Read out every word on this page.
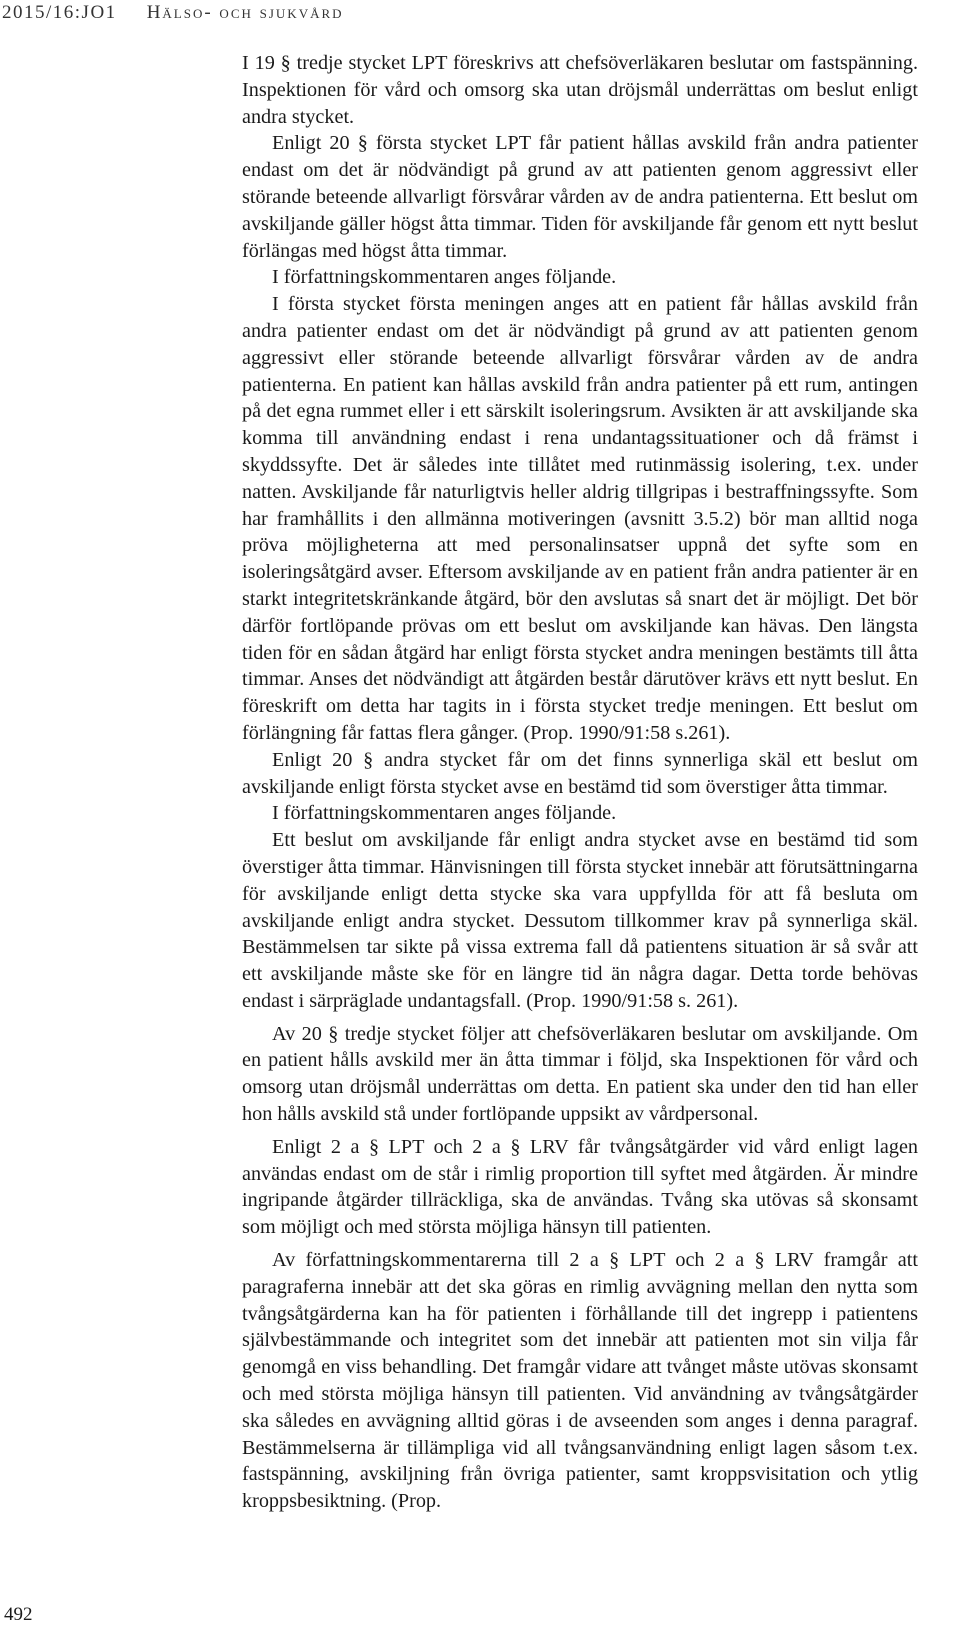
2015/16:JO1 Hälso- och sjukvård

I 19 § tredje stycket LPT föreskrivs att chefsöverläkaren beslutar om fastspänning. Inspektionen för vård och omsorg ska utan dröjsmål underrättas om beslut enligt andra stycket.

Enligt 20 § första stycket LPT får patient hållas avskild från andra patienter endast om det är nödvändigt på grund av att patienten genom aggressivt eller störande beteende allvarligt försvårar vården av de andra patienterna. Ett beslut om avskiljande gäller högst åtta timmar. Tiden för avskiljande får genom ett nytt beslut förlängas med högst åtta timmar.

I författningskommentaren anges följande.

I första stycket första meningen anges att en patient får hållas avskild från andra patienter endast om det är nödvändigt på grund av att patienten genom aggressivt eller störande beteende allvarligt försvårar vården av de andra patienterna. En patient kan hållas avskild från andra patienter på ett rum, antingen på det egna rummet eller i ett särskilt isoleringsrum. Avsikten är att avskiljande ska komma till användning endast i rena undantagssituationer och då främst i skyddssyfte. Det är således inte tillåtet med rutinmässig isolering, t.ex. under natten. Avskiljande får naturligtvis heller aldrig tillgripas i bestraffningssyfte. Som har framhållits i den allmänna motiveringen (avsnitt 3.5.2) bör man alltid noga pröva möjligheterna att med personalinsatser uppnå det syfte som en isoleringsåtgärd avser. Eftersom avskiljande av en patient från andra patienter är en starkt integritetskränkande åtgärd, bör den avslutas så snart det är möjligt. Det bör därför fortlöpande prövas om ett beslut om avskiljande kan hävas. Den längsta tiden för en sådan åtgärd har enligt första stycket andra meningen bestämts till åtta timmar. Anses det nödvändigt att åtgärden består därutöver krävs ett nytt beslut. En föreskrift om detta har tagits in i första stycket tredje meningen. Ett beslut om förlängning får fattas flera gånger. (Prop. 1990/91:58 s.261).

Enligt 20 § andra stycket får om det finns synnerliga skäl ett beslut om avskiljande enligt första stycket avse en bestämd tid som överstiger åtta timmar.

I författningskommentaren anges följande.

Ett beslut om avskiljande får enligt andra stycket avse en bestämd tid som överstiger åtta timmar. Hänvisningen till första stycket innebär att förutsättningarna för avskiljande enligt detta stycke ska vara uppfyllda för att få besluta om avskiljande enligt andra stycket. Dessutom tillkommer krav på synnerliga skäl. Bestämmelsen tar sikte på vissa extrema fall då patientens situation är så svår att ett avskiljande måste ske för en längre tid än några dagar. Detta torde behövas endast i särpräglade undantagsfall. (Prop. 1990/91:58 s. 261).

Av 20 § tredje stycket följer att chefsöverläkaren beslutar om avskiljande. Om en patient hålls avskild mer än åtta timmar i följd, ska Inspektionen för vård och omsorg utan dröjsmål underrättas om detta. En patient ska under den tid han eller hon hålls avskild stå under fortlöpande uppsikt av vårdpersonal.

Enligt 2 a § LPT och 2 a § LRV får tvångsåtgärder vid vård enligt lagen användas endast om de står i rimlig proportion till syftet med åtgärden. Är mindre ingripande åtgärder tillräckliga, ska de användas. Tvång ska utövas så skonsamt som möjligt och med största möjliga hänsyn till patienten.

Av författningskommentarerna till 2 a § LPT och 2 a § LRV framgår att paragraferna innebär att det ska göras en rimlig avvägning mellan den nytta som tvångsåtgärderna kan ha för patienten i förhållande till det ingrepp i patientens självbestämmande och integritet som det innebär att patienten mot sin vilja får genomgå en viss behandling. Det framgår vidare att tvånget måste utövas skonsamt och med största möjliga hänsyn till patienten. Vid användning av tvångsåtgärder ska således en avvägning alltid göras i de avseenden som anges i denna paragraf. Bestämmelserna är tillämpliga vid all tvångsanvändning enligt lagen såsom t.ex. fastspänning, avskiljning från övriga patienter, samt kroppsvisitation och ytlig kroppsbesiktning. (Prop.

492
